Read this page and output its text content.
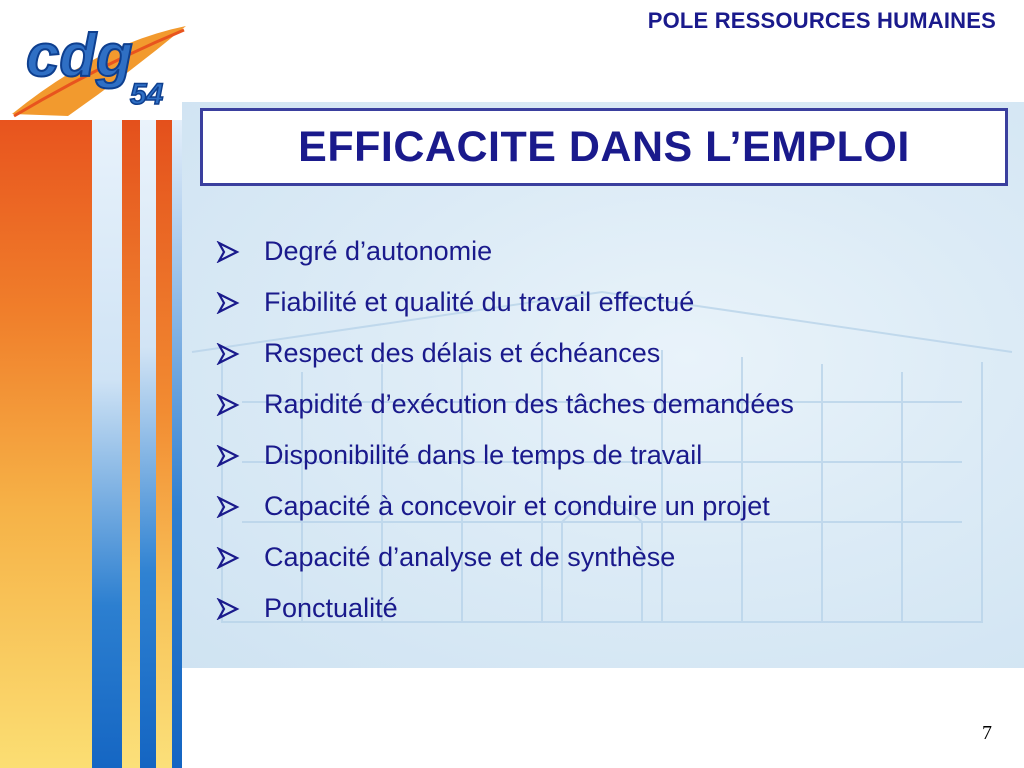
cdg
54
POLE RESSOURCES HUMAINES
EFFICACITE DANS L’EMPLOI
Degré d’autonomie
Fiabilité et qualité du travail effectué
Respect des délais et échéances
Rapidité d’exécution des tâches demandées
Disponibilité dans le temps de travail
Capacité à concevoir et conduire un projet
Capacité d’analyse et de synthèse
Ponctualité
7
